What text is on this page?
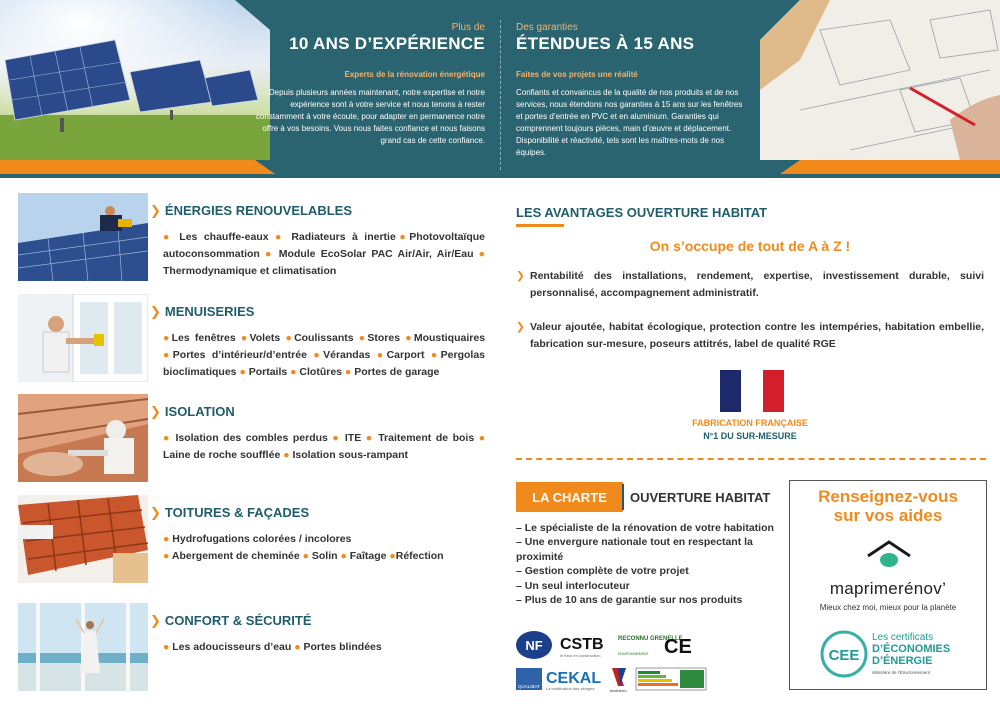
Plus de
10 ANS D’EXPÉRIENCE
Experts de la rénovation énergétique
Depuis plusieurs années maintenant, notre expertise et notre expérience sont à votre service et nous tenons à rester constamment à votre écoute, pour adapter en permanence notre offre à vos besoins. Vous nous faites confiance et nous faisons grand cas de cette confiance.
Des garanties
ÉTENDUES À 15 ANS
Faites de vos projets une réalité
Confiants et convaincus de la qualité de nos produits et de nos services, nous étendons nos garanties à 15 ans sur les fenêtres et portes d’entrée en PVC et en aluminium. Garanties qui comprennent toujours pièces, main d’œuvre et déplacement. Disponibilité et réactivité, tels sont les maîtres-mots de nos équipes.
❯ ÉNERGIES RENOUVELABLES
● Les chauffe-eaux ● Radiateurs à inertie●Photovoltaïque autoconsommation ● Module EcoSolar PAC Air/Air, Air/Eau ● Thermodynamique et climatisation
❯ MENUISERIES
●Les fenêtres ●Volets ●Coulissants ●Stores ●Moustiquaires ●Portes d’intérieur/d’entrée ●Vérandas ●Carport ●Pergolas bioclimatiques ● Portails ● Clotûres ● Portes de garage
❯ ISOLATION
● Isolation des combles perdus ● ITE ● Traitement de bois ● Laine de roche soufflée ● Isolation sous-rampant
❯ TOITURES & FAÇADES
● Hydrofugations colorées / incolores
● Abergement de cheminée ● Solin ● Faîtage ●Réfection
❯ CONFORT & SÉCURITÉ
● Les adoucisseurs d’eau ● Portes blindées
LES AVANTAGES OUVERTURE HABITAT
On s’occupe de tout de A à Z !
❯ Rentabilité des installations, rendement, expertise, investissement durable, suivi personnalisé, accompagnement administratif.
❯ Valeur ajoutée, habitat écologique, protection contre les intempéries, habitation embellie, fabrication sur-mesure, poseurs attitrés, label de qualité RGE
FABRICATION FRANÇAISE
N°1 DU SUR-MESURE
LA CHARTE	OUVERTURE HABITAT
– Le spécialiste de la rénovation de votre habitation
– Une envergure nationale tout en respectant la proximité
– Gestion complète de votre projet
– Un seul interlocuteur
– Plus de 10 ans de garantie sur nos produits
NF CSTB
le futur en construction
RECONNU GRENELLE
ENVIRONNEMENT CE
QUALIBAT CEKAL
La certification des vitrages	Acotherm
Renseignez-vous
sur vos aides
maprimerénov’
Mieux chez moi, mieux pour la planète
CEE
Les certificats
D’ÉCONOMIES
D’ÉNERGIE
Ministère de l’Environnement
